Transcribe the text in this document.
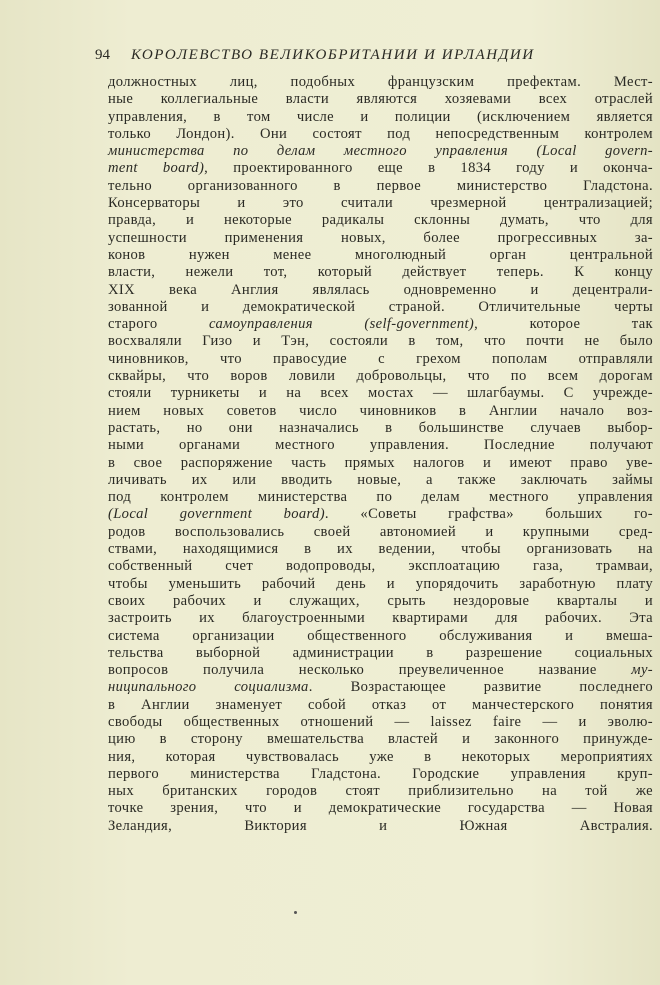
94 КОРОЛЕВСТВО ВЕЛИКОБРИТАНИИ И ИРЛАНДИИ
должностных лиц, подобных французским префектам. Мест-
ные коллегиальные власти являются хозяевами всех отраслей
управления, в том числе и полиции (исключением является
только Лондон). Они состоят под непосредственным контролем
министерства по делам местного управления (Local govern-
ment board), проектированного еще в 1834 году и оконча-
тельно организованного в первое министерство Гладстона.
Консерваторы и это считали чрезмерной централизацией;
правда, и некоторые радикалы склонны думать, что для
успешности применения новых, более прогрессивных за-
конов нужен менее многолюдный орган центральной
власти, нежели тот, который действует теперь. К концу
XIX века Англия являлась одновременно и децентрали-
зованной и демократической страной. Отличительные черты
старого самоуправления (self-government), которое так
восхваляли Гизо и Тэн, состояли в том, что почти не было
чиновников, что правосудие с грехом пополам отправляли
сквайры, что воров ловили добровольцы, что по всем дорогам
стояли турникеты и на всех мостах — шлагбаумы. С учрежде-
нием новых советов число чиновников в Англии начало воз-
растать, но они назначались в большинстве случаев выбор-
ными органами местного управления. Последние получают
в свое распоряжение часть прямых налогов и имеют право уве-
личивать их или вводить новые, а также заключать займы
под контролем министерства по делам местного управления
(Local government board). «Советы графства» больших го-
родов воспользовались своей автономией и крупными сред-
ствами, находящимися в их ведении, чтобы организовать на
собственный счет водопроводы, эксплоатацию газа, трамваи,
чтобы уменьшить рабочий день и упорядочить заработную плату
своих рабочих и служащих, срыть нездоровые кварталы и
застроить их благоустроенными квартирами для рабочих. Эта
система организации общественного обслуживания и вмеша-
тельства выборной администрации в разрешение социальных
вопросов получила несколько преувеличенное название му-
ниципального социализма. Возрастающее развитие последнего
в Англии знаменует собой отказ от манчестерского понятия
свободы общественных отношений — laissez faire — и эволю-
цию в сторону вмешательства властей и законного принужде-
ния, которая чувствовалась уже в некоторых мероприятиях
первого министерства Гладстона. Городские управления круп-
ных британских городов стоят приблизительно на той же
точке зрения, что и демократические государства — Новая
Зеландия, Виктория и Южная Австралия.
